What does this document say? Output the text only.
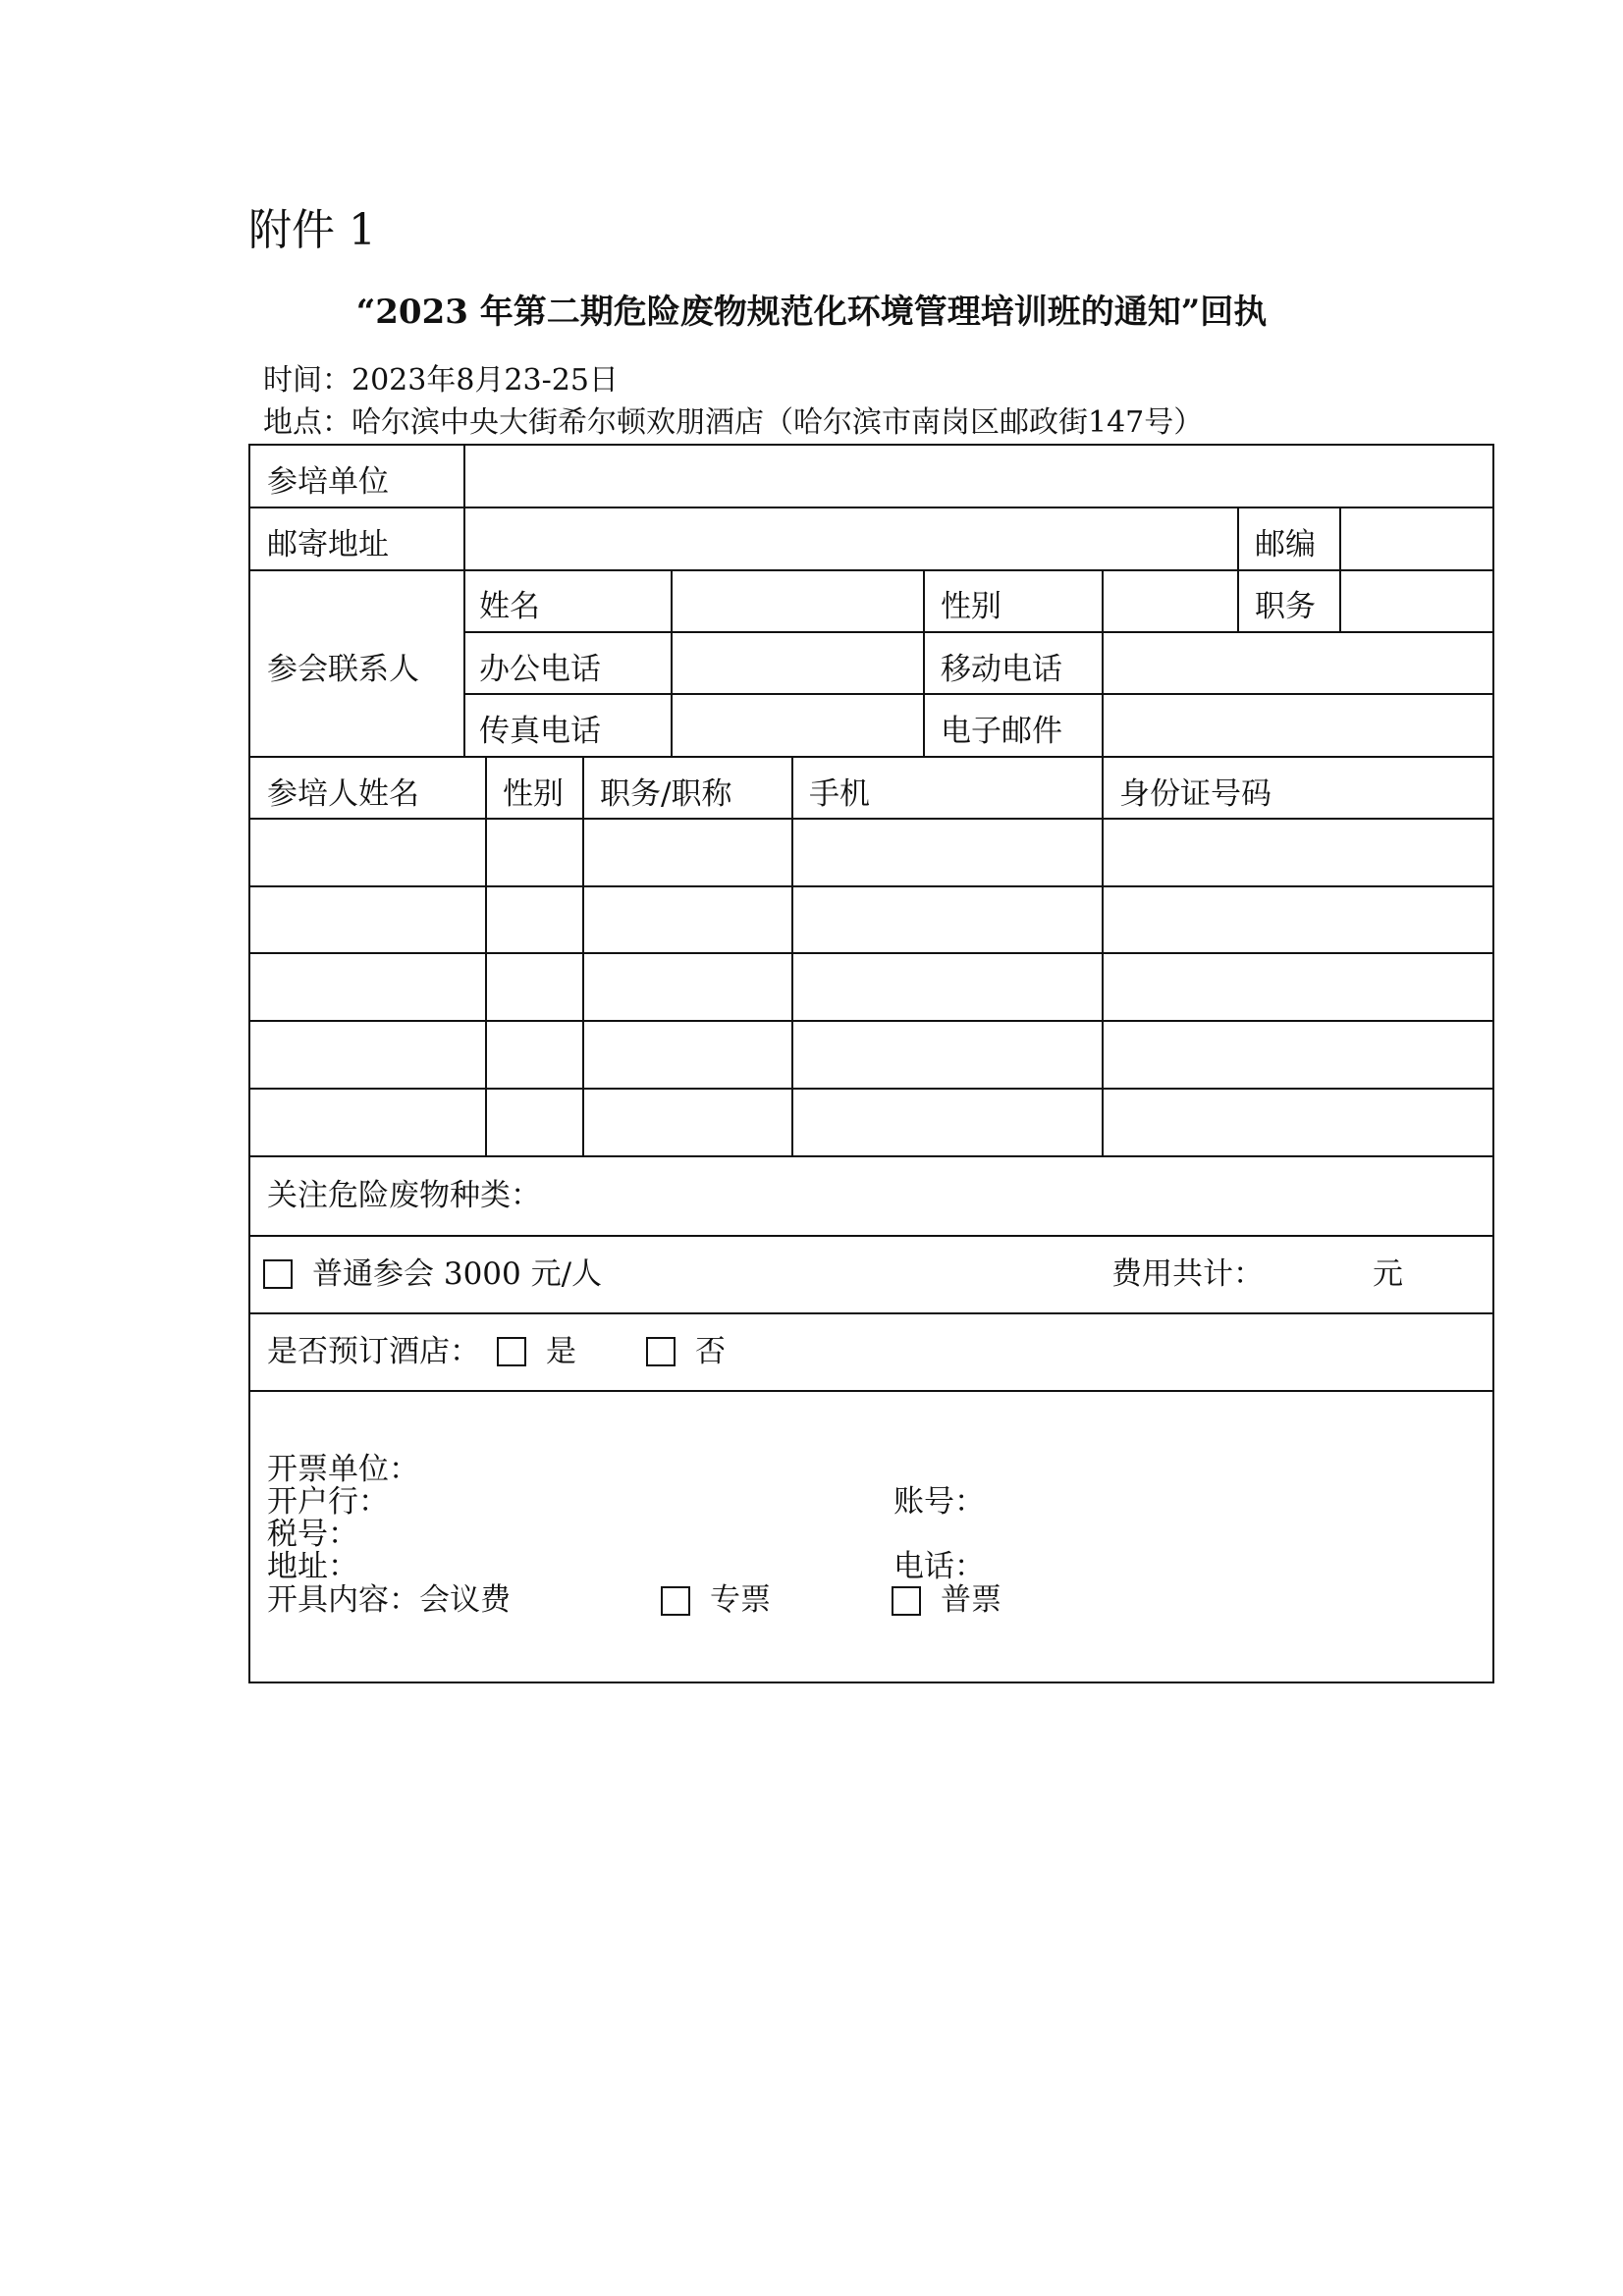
附件 1
“2023 年第二期危险废物规范化环境管理培训班的通知”回执
时间：2023年8月23-25日
地点：哈尔滨中央大街希尔顿欢朋酒店（哈尔滨市南岗区邮政街147号）
参培单位
邮寄地址	邮编
参会联系人
姓名	性别	职务
办公电话	移动电话
传真电话	电子邮件
参培人姓名	性别 职务/职称	手机	身份证号码
关注危险废物种类：
普通参会 3000 元/人	费用共计：	元
是否预订酒店： 是	否
开票单位：
开户行：	账号：
税号：
地址：	电话：
开具内容：会议费	专票	普票
